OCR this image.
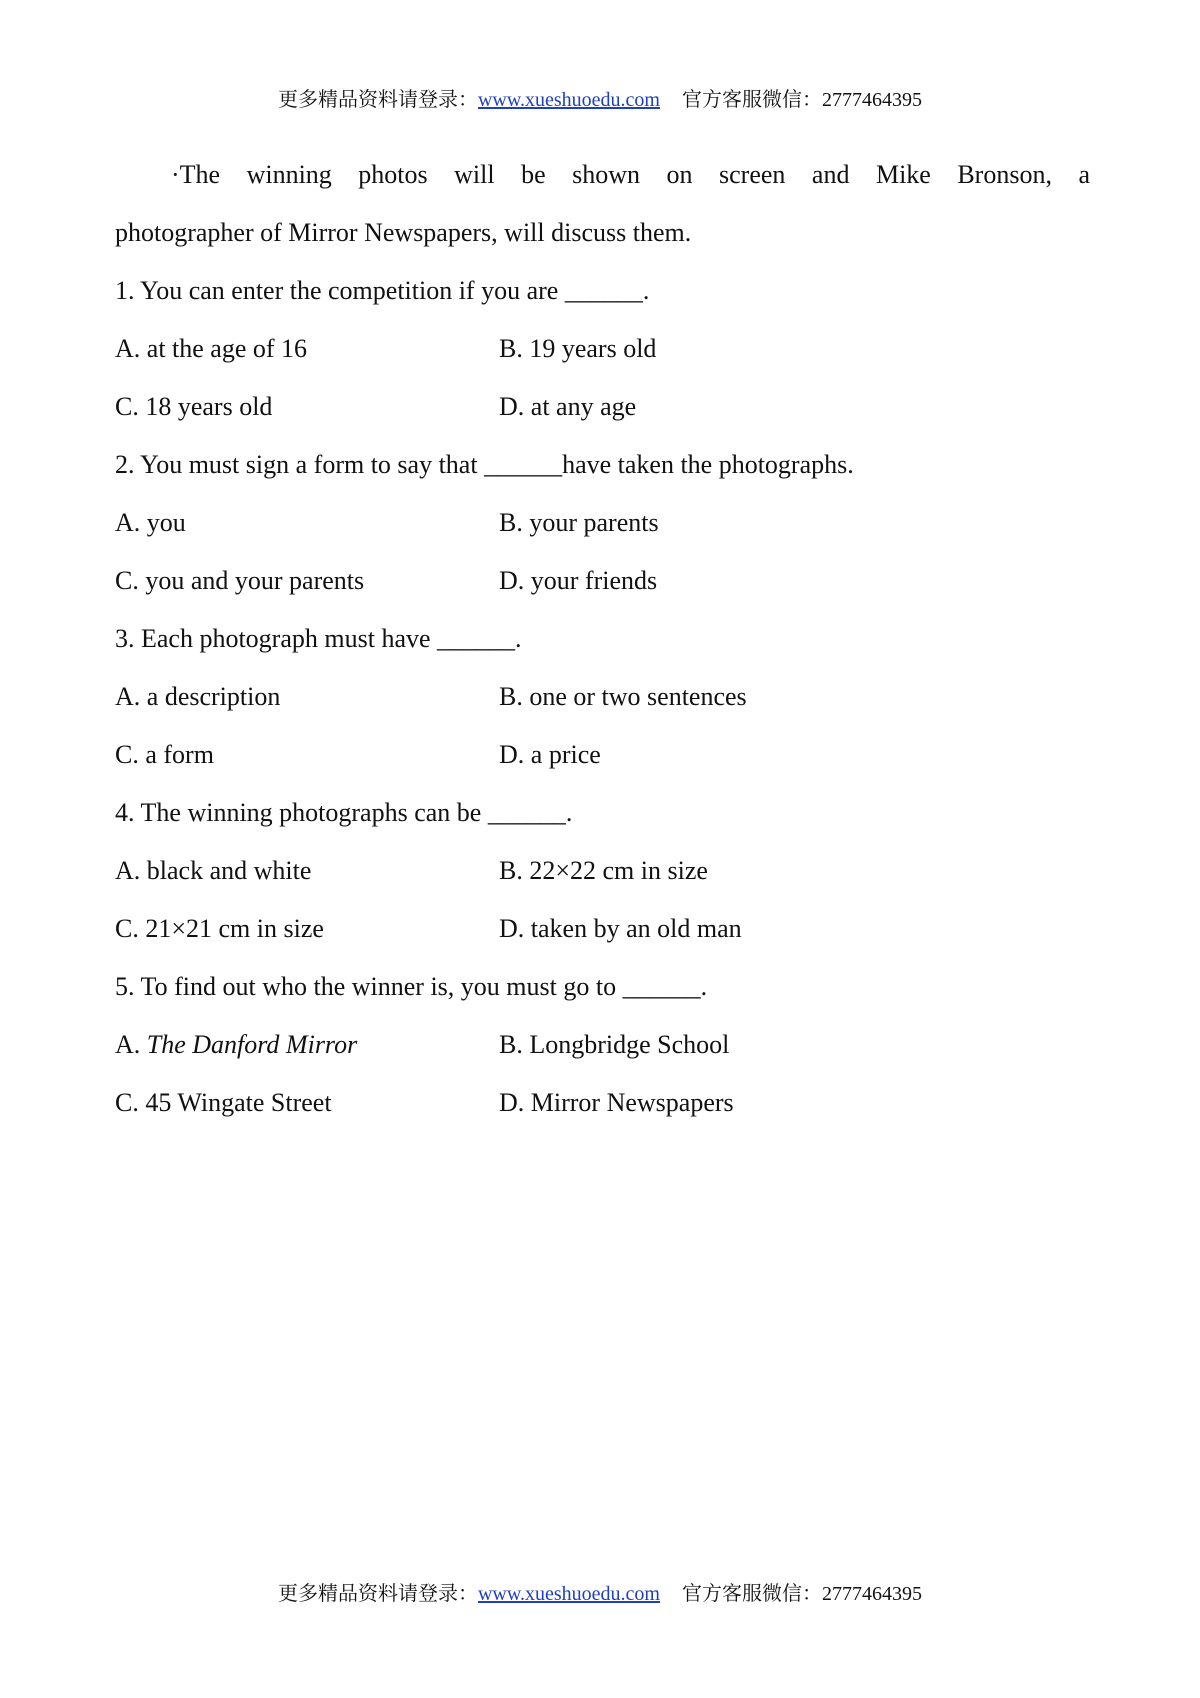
更多精品资料请登录：www.xueshuoedu.com 官方客服微信：2777464395
·The winning photos will be shown on screen and Mike Bronson, a
photographer of Mirror Newspapers, will discuss them.
1. You can enter the competition if you are ______.
A. at the age of 16	B. 19 years old
C. 18 years old	D. at any age
2. You must sign a form to say that ______have taken the photographs.
A. you	B. your parents
C. you and your parents	D. your friends
3. Each photograph must have ______.
A. a description	B. one or two sentences
C. a form	D. a price
4. The winning photographs can be ______.
A. black and white	B. 22×22 cm in size
C. 21×21 cm in size	D. taken by an old man
5. To find out who the winner is, you must go to ______.
A. The Danford Mirror	B. Longbridge School
C. 45 Wingate Street	D. Mirror Newspapers
更多精品资料请登录：www.xueshuoedu.com 官方客服微信：2777464395
